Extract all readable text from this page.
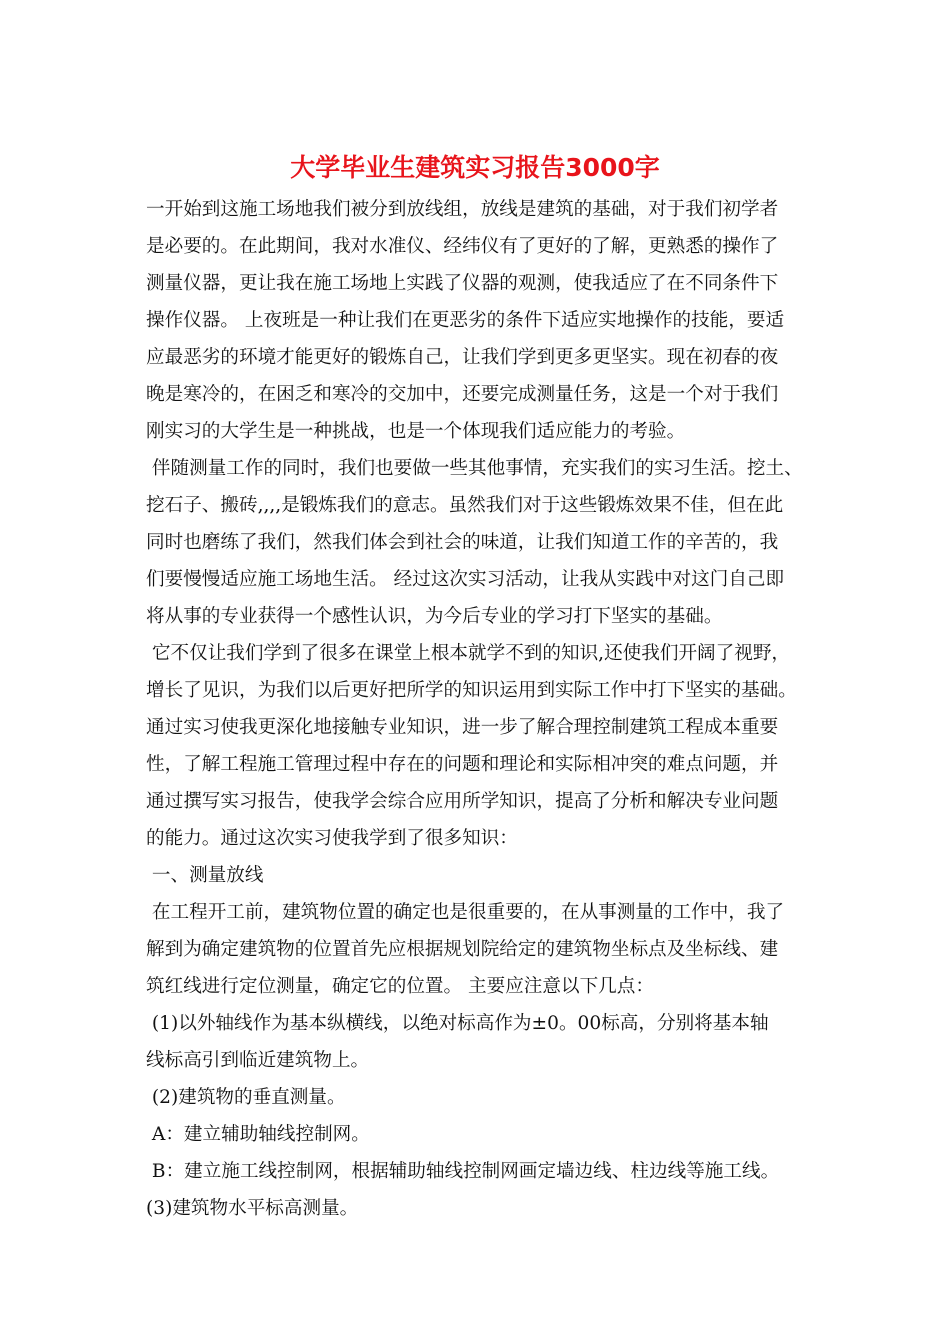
大学毕业生建筑实习报告3000字

一开始到这施工场地我们被分到放线组，放线是建筑的基础，对于我们初学者

是必要的。在此期间，我对水准仪、经纬仪有了更好的了解，更熟悉的操作了

测量仪器，更让我在施工场地上实践了仪器的观测，使我适应了在不同条件下

操作仪器。 上夜班是一种让我们在更恶劣的条件下适应实地操作的技能，要适

应最恶劣的环境才能更好的锻炼自己，让我们学到更多更坚实。现在初春的夜

晚是寒冷的，在困乏和寒冷的交加中，还要完成测量任务，这是一个对于我们

刚实习的大学生是一种挑战，也是一个体现我们适应能力的考验。

伴随测量工作的同时，我们也要做一些其他事情，充实我们的实习生活。挖土、

挖石子、搬砖,,,,是锻炼我们的意志。虽然我们对于这些锻炼效果不佳，但在此

同时也磨练了我们，然我们体会到社会的味道，让我们知道工作的辛苦的，我

们要慢慢适应施工场地生活。 经过这次实习活动，让我从实践中对这门自己即

将从事的专业获得一个感性认识，为今后专业的学习打下坚实的基础。

它不仅让我们学到了很多在课堂上根本就学不到的知识,还使我们开阔了视野，

增长了见识，为我们以后更好把所学的知识运用到实际工作中打下坚实的基础。

通过实习使我更深化地接触专业知识，进一步了解合理控制建筑工程成本重要

性，了解工程施工管理过程中存在的问题和理论和实际相冲突的难点问题，并

通过撰写实习报告，使我学会综合应用所学知识，提高了分析和解决专业问题

的能力。通过这次实习使我学到了很多知识：

一、测量放线

在工程开工前，建筑物位置的确定也是很重要的，在从事测量的工作中，我了

解到为确定建筑物的位置首先应根据规划院给定的建筑物坐标点及坐标线、建

筑红线进行定位测量，确定它的位置。 主要应注意以下几点：

(1)以外轴线作为基本纵横线，以绝对标高作为±0。00标高，分别将基本轴

线标高引到临近建筑物上。

(2)建筑物的垂直测量。

A：建立辅助轴线控制网。

B：建立施工线控制网，根据辅助轴线控制网画定墙边线、柱边线等施工线。

(3)建筑物水平标高测量。
